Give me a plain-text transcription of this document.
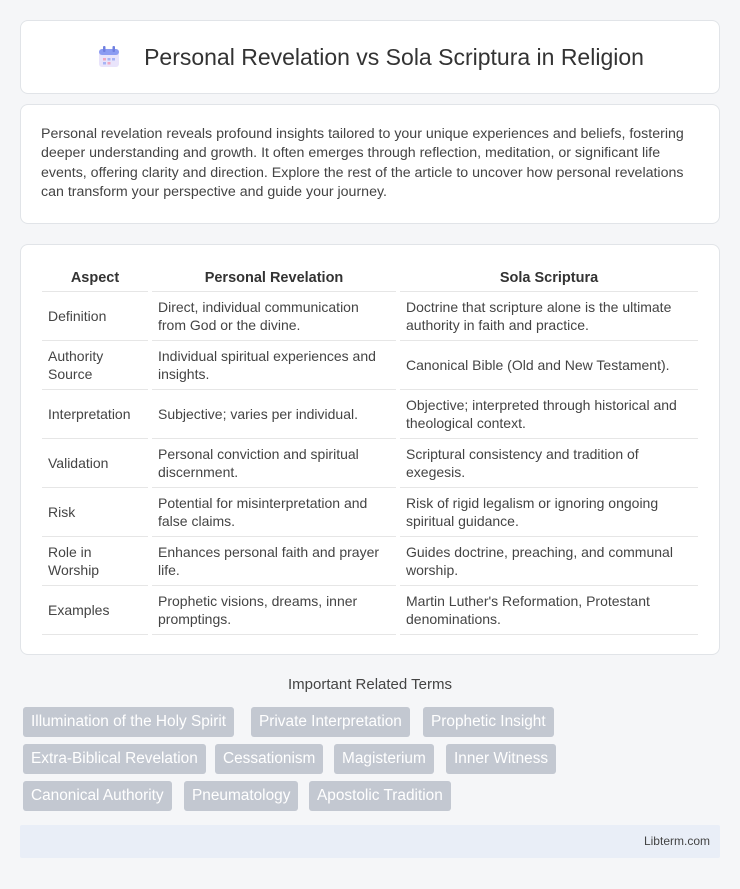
Personal Revelation vs Sola Scriptura in Religion

Personal revelation reveals profound insights tailored to your unique experiences and beliefs, fostering deeper understanding and growth. It often emerges through reflection, meditation, or significant life events, offering clarity and direction. Explore the rest of the article to uncover how personal revelations can transform your perspective and guide your journey.

Aspect	Personal Revelation	Sola Scriptura
Definition	Direct, individual communication from God or the divine.	Doctrine that scripture alone is the ultimate authority in faith and practice.
Authority Source	Individual spiritual experiences and insights.	Canonical Bible (Old and New Testament).
Interpretation	Subjective; varies per individual.	Objective; interpreted through historical and theological context.
Validation	Personal conviction and spiritual discernment.	Scriptural consistency and tradition of exegesis.
Risk	Potential for misinterpretation and false claims.	Risk of rigid legalism or ignoring ongoing spiritual guidance.
Role in Worship	Enhances personal faith and prayer life.	Guides doctrine, preaching, and communal worship.
Examples	Prophetic visions, dreams, inner promptings.	Martin Luther's Reformation, Protestant denominations.
Important Related Terms
Illumination of the Holy Spirit	Private Interpretation	Prophetic Insight
Extra-Biblical Revelation	Cessationism	Magisterium	Inner Witness
Canonical Authority	Pneumatology	Apostolic Tradition
Libterm.com
